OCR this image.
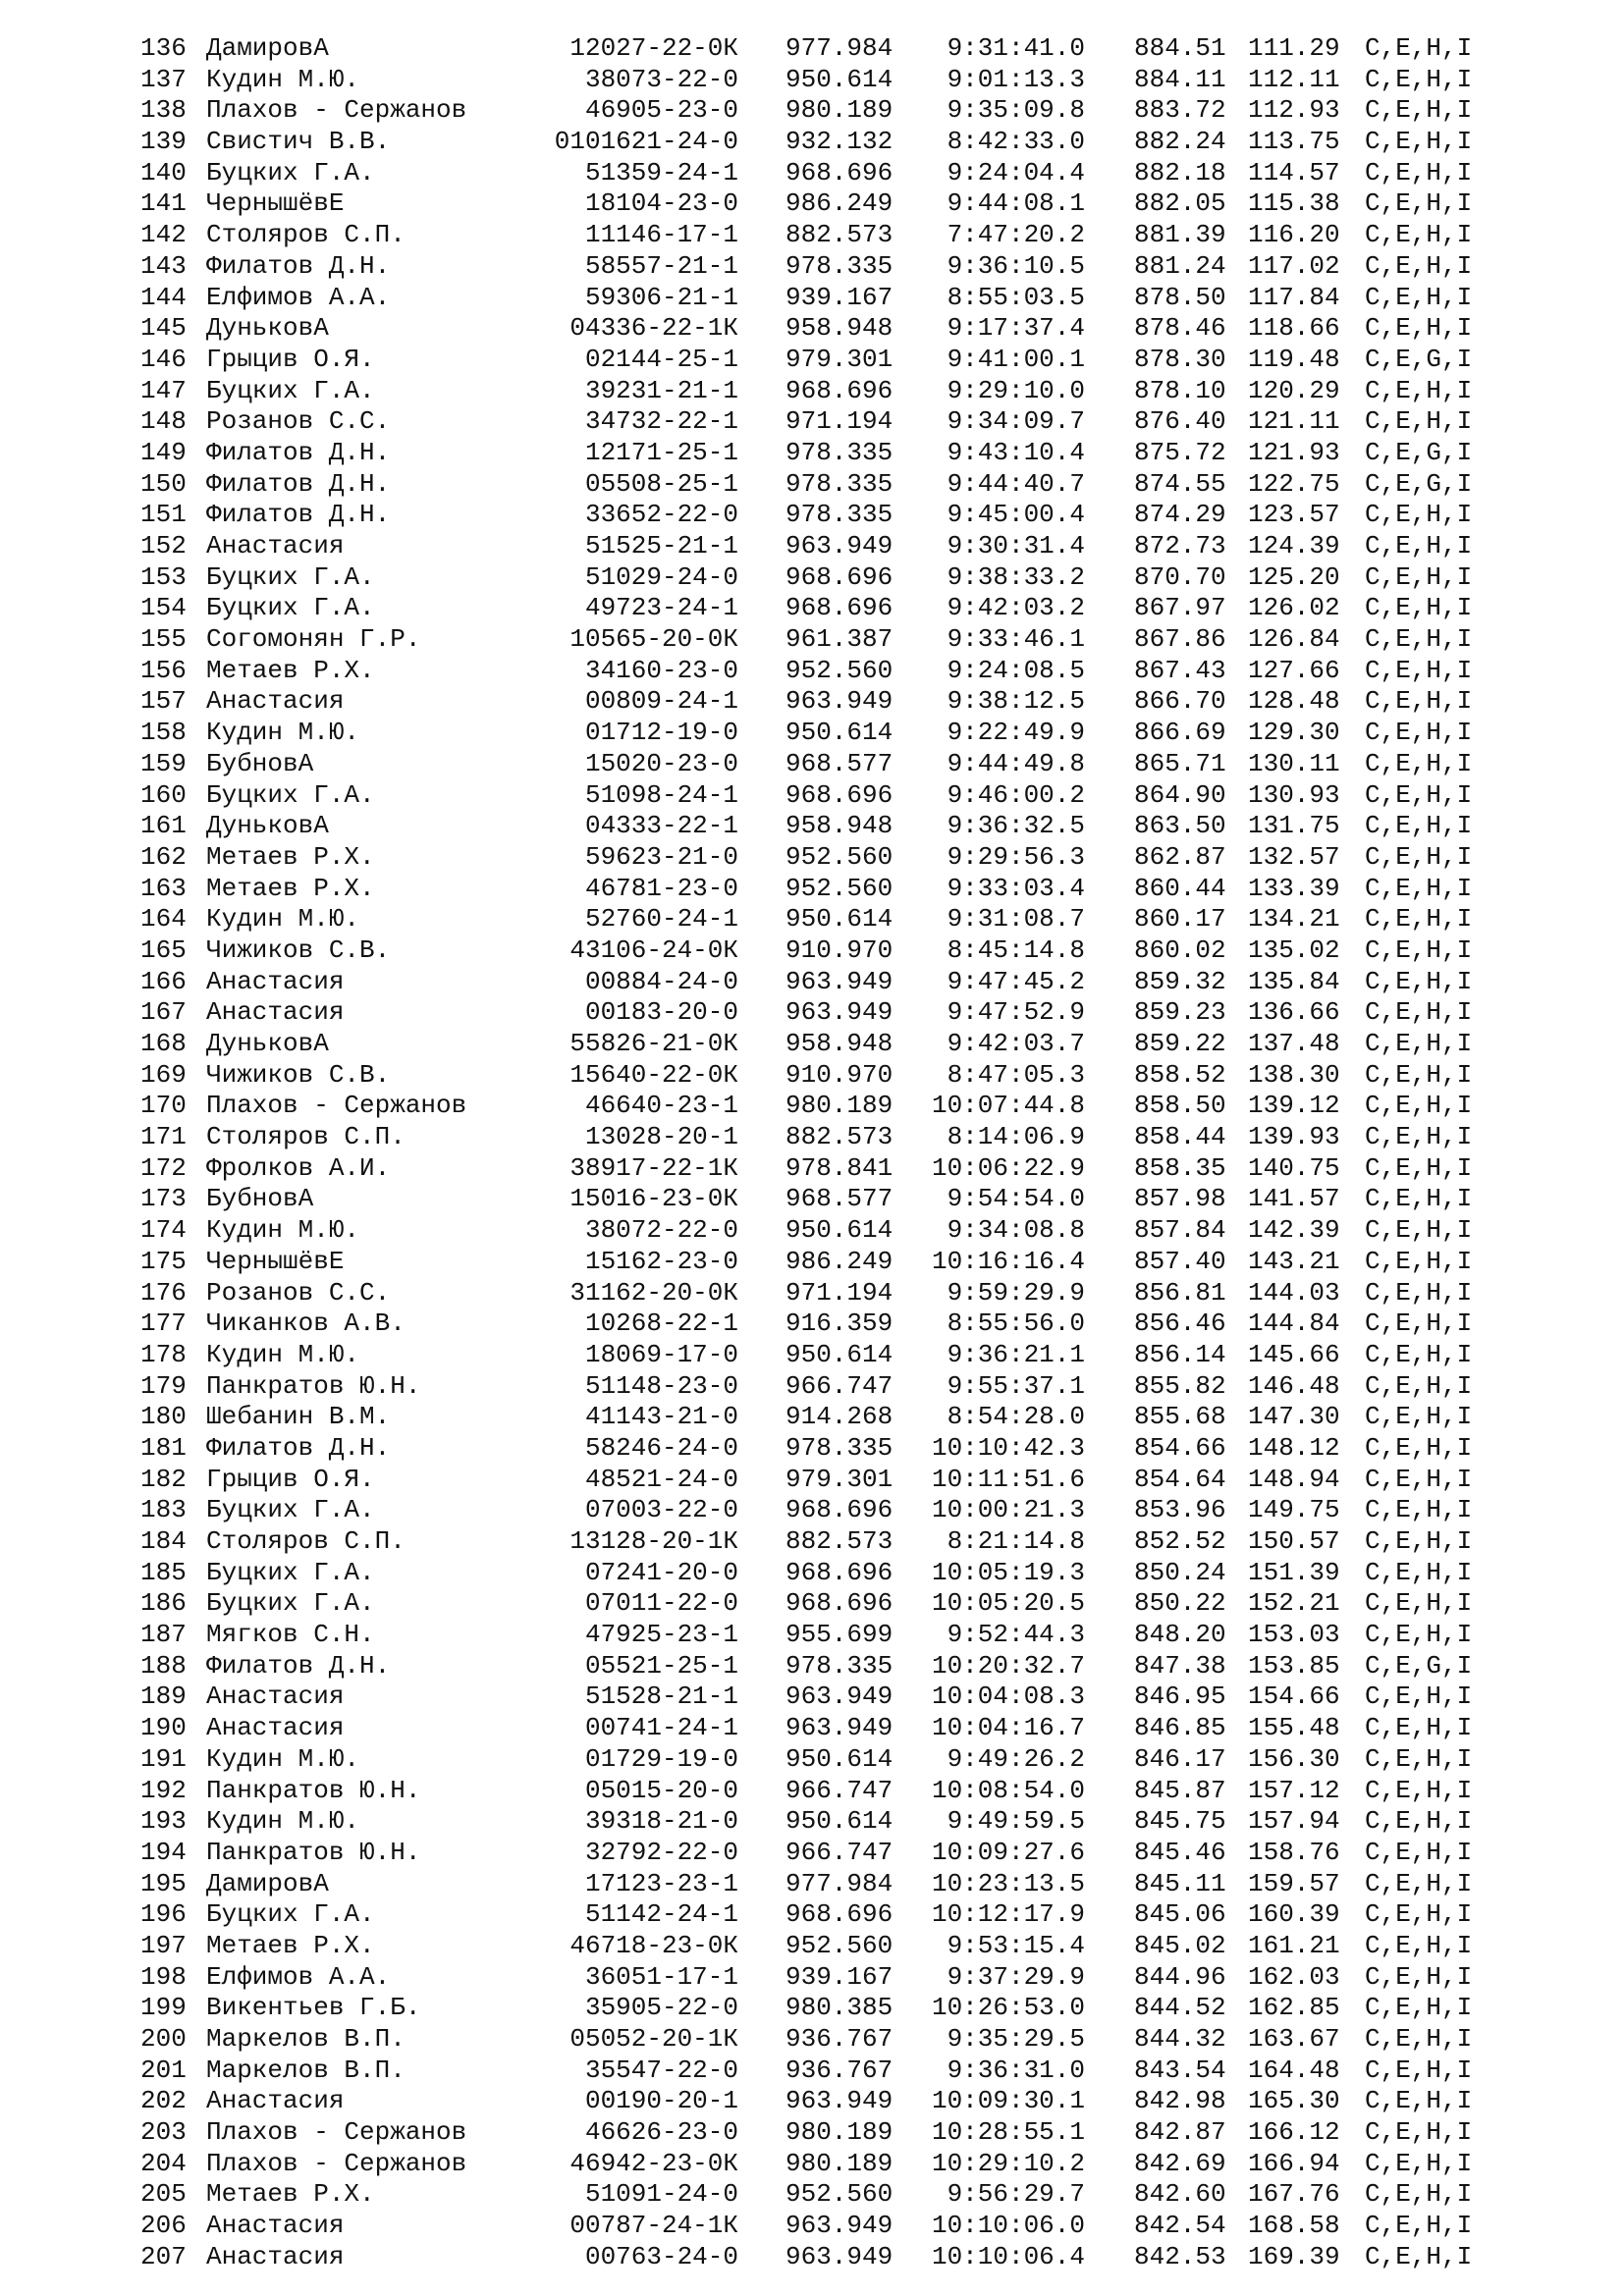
136 ДамировА	12027-22-0К 977.984 9:31:41.0 884.51 111.29 C,E,H,I
137 Кудин М.Ю.	38073-22-0 950.614 9:01:13.3 884.11 112.11 C,E,H,I
138 Плахов - Сержанов	46905-23-0 980.189 9:35:09.8 883.72 112.93 C,E,H,I
139 Свистич В.В.	0101621-24-0 932.132 8:42:33.0 882.24 113.75 C,E,H,I
140 Буцких Г.А.	51359-24-1 968.696 9:24:04.4 882.18 114.57 C,E,H,I
141 ЧернышёвЕ	18104-23-0 986.249 9:44:08.1 882.05 115.38 C,E,H,I
142 Столяров С.П.	11146-17-1 882.573 7:47:20.2 881.39 116.20 C,E,H,I
143 Филатов Д.Н.	58557-21-1 978.335 9:36:10.5 881.24 117.02 C,E,H,I
144 Елфимов А.А.	59306-21-1 939.167 8:55:03.5 878.50 117.84 C,E,H,I
145 ДуньковА	04336-22-1К 958.948 9:17:37.4 878.46 118.66 C,E,H,I
146 Грыцив О.Я.	02144-25-1 979.301 9:41:00.1 878.30 119.48 C,E,G,I
147 Буцких Г.А.	39231-21-1 968.696 9:29:10.0 878.10 120.29 C,E,H,I
148 Розанов С.С.	34732-22-1 971.194 9:34:09.7 876.40 121.11 C,E,H,I
149 Филатов Д.Н.	12171-25-1 978.335 9:43:10.4 875.72 121.93 C,E,G,I
150 Филатов Д.Н.	05508-25-1 978.335 9:44:40.7 874.55 122.75 C,E,G,I
151 Филатов Д.Н.	33652-22-0 978.335 9:45:00.4 874.29 123.57 C,E,H,I
152 Анастасия	51525-21-1 963.949 9:30:31.4 872.73 124.39 C,E,H,I
153 Буцких Г.А.	51029-24-0 968.696 9:38:33.2 870.70 125.20 C,E,H,I
154 Буцких Г.А.	49723-24-1 968.696 9:42:03.2 867.97 126.02 C,E,H,I
155 Согомонян Г.Р.	10565-20-0К 961.387 9:33:46.1 867.86 126.84 C,E,H,I
156 Метаев Р.Х.	34160-23-0 952.560 9:24:08.5 867.43 127.66 C,E,H,I
157 Анастасия	00809-24-1 963.949 9:38:12.5 866.70 128.48 C,E,H,I
158 Кудин М.Ю.	01712-19-0 950.614 9:22:49.9 866.69 129.30 C,E,H,I
159 БубновА	15020-23-0 968.577 9:44:49.8 865.71 130.11 C,E,H,I
160 Буцких Г.А.	51098-24-1 968.696 9:46:00.2 864.90 130.93 C,E,H,I
161 ДуньковА	04333-22-1 958.948 9:36:32.5 863.50 131.75 C,E,H,I
162 Метаев Р.Х.	59623-21-0 952.560 9:29:56.3 862.87 132.57 C,E,H,I
163 Метаев Р.Х.	46781-23-0 952.560 9:33:03.4 860.44 133.39 C,E,H,I
164 Кудин М.Ю.	52760-24-1 950.614 9:31:08.7 860.17 134.21 C,E,H,I
165 Чижиков С.В.	43106-24-0К 910.970 8:45:14.8 860.02 135.02 C,E,H,I
166 Анастасия	00884-24-0 963.949 9:47:45.2 859.32 135.84 C,E,H,I
167 Анастасия	00183-20-0 963.949 9:47:52.9 859.23 136.66 C,E,H,I
168 ДуньковА	55826-21-0К 958.948 9:42:03.7 859.22 137.48 C,E,H,I
169 Чижиков С.В.	15640-22-0К 910.970 8:47:05.3 858.52 138.30 C,E,H,I
170 Плахов - Сержанов	46640-23-1 980.189 10:07:44.8 858.50 139.12 C,E,H,I
171 Столяров С.П.	13028-20-1 882.573 8:14:06.9 858.44 139.93 C,E,H,I
172 Фролков А.И.	38917-22-1К 978.841 10:06:22.9 858.35 140.75 C,E,H,I
173 БубновА	15016-23-0К 968.577 9:54:54.0 857.98 141.57 C,E,H,I
174 Кудин М.Ю.	38072-22-0 950.614 9:34:08.8 857.84 142.39 C,E,H,I
175 ЧернышёвЕ	15162-23-0 986.249 10:16:16.4 857.40 143.21 C,E,H,I
176 Розанов С.С.	31162-20-0К 971.194 9:59:29.9 856.81 144.03 C,E,H,I
177 Чиканков А.В.	10268-22-1 916.359 8:55:56.0 856.46 144.84 C,E,H,I
178 Кудин М.Ю.	18069-17-0 950.614 9:36:21.1 856.14 145.66 C,E,H,I
179 Панкратов Ю.Н.	51148-23-0 966.747 9:55:37.1 855.82 146.48 C,E,H,I
180 Шебанин В.М.	41143-21-0 914.268 8:54:28.0 855.68 147.30 C,E,H,I
181 Филатов Д.Н.	58246-24-0 978.335 10:10:42.3 854.66 148.12 C,E,H,I
182 Грыцив О.Я.	48521-24-0 979.301 10:11:51.6 854.64 148.94 C,E,H,I
183 Буцких Г.А.	07003-22-0 968.696 10:00:21.3 853.96 149.75 C,E,H,I
184 Столяров С.П.	13128-20-1К 882.573 8:21:14.8 852.52 150.57 C,E,H,I
185 Буцких Г.А.	07241-20-0 968.696 10:05:19.3 850.24 151.39 C,E,H,I
186 Буцких Г.А.	07011-22-0 968.696 10:05:20.5 850.22 152.21 C,E,H,I
187 Мягков С.Н.	47925-23-1 955.699 9:52:44.3 848.20 153.03 C,E,H,I
188 Филатов Д.Н.	05521-25-1 978.335 10:20:32.7 847.38 153.85 C,E,G,I
189 Анастасия	51528-21-1 963.949 10:04:08.3 846.95 154.66 C,E,H,I
190 Анастасия	00741-24-1 963.949 10:04:16.7 846.85 155.48 C,E,H,I
191 Кудин М.Ю.	01729-19-0 950.614 9:49:26.2 846.17 156.30 C,E,H,I
192 Панкратов Ю.Н.	05015-20-0 966.747 10:08:54.0 845.87 157.12 C,E,H,I
193 Кудин М.Ю.	39318-21-0 950.614 9:49:59.5 845.75 157.94 C,E,H,I
194 Панкратов Ю.Н.	32792-22-0 966.747 10:09:27.6 845.46 158.76 C,E,H,I
195 ДамировА	17123-23-1 977.984 10:23:13.5 845.11 159.57 C,E,H,I
196 Буцких Г.А.	51142-24-1 968.696 10:12:17.9 845.06 160.39 C,E,H,I
197 Метаев Р.Х.	46718-23-0К 952.560 9:53:15.4 845.02 161.21 C,E,H,I
198 Елфимов А.А.	36051-17-1 939.167 9:37:29.9 844.96 162.03 C,E,H,I
199 Викентьев Г.Б.	35905-22-0 980.385 10:26:53.0 844.52 162.85 C,E,H,I
200 Маркелов В.П.	05052-20-1К 936.767 9:35:29.5 844.32 163.67 C,E,H,I
201 Маркелов В.П.	35547-22-0 936.767 9:36:31.0 843.54 164.48 C,E,H,I
202 Анастасия	00190-20-1 963.949 10:09:30.1 842.98 165.30 C,E,H,I
203 Плахов - Сержанов	46626-23-0 980.189 10:28:55.1 842.87 166.12 C,E,H,I
204 Плахов - Сержанов	46942-23-0К 980.189 10:29:10.2 842.69 166.94 C,E,H,I
205 Метаев Р.Х.	51091-24-0 952.560 9:56:29.7 842.60 167.76 C,E,H,I
206 Анастасия	00787-24-1К 963.949 10:10:06.0 842.54 168.58 C,E,H,I
207 Анастасия	00763-24-0 963.949 10:10:06.4 842.53 169.39 C,E,H,I
